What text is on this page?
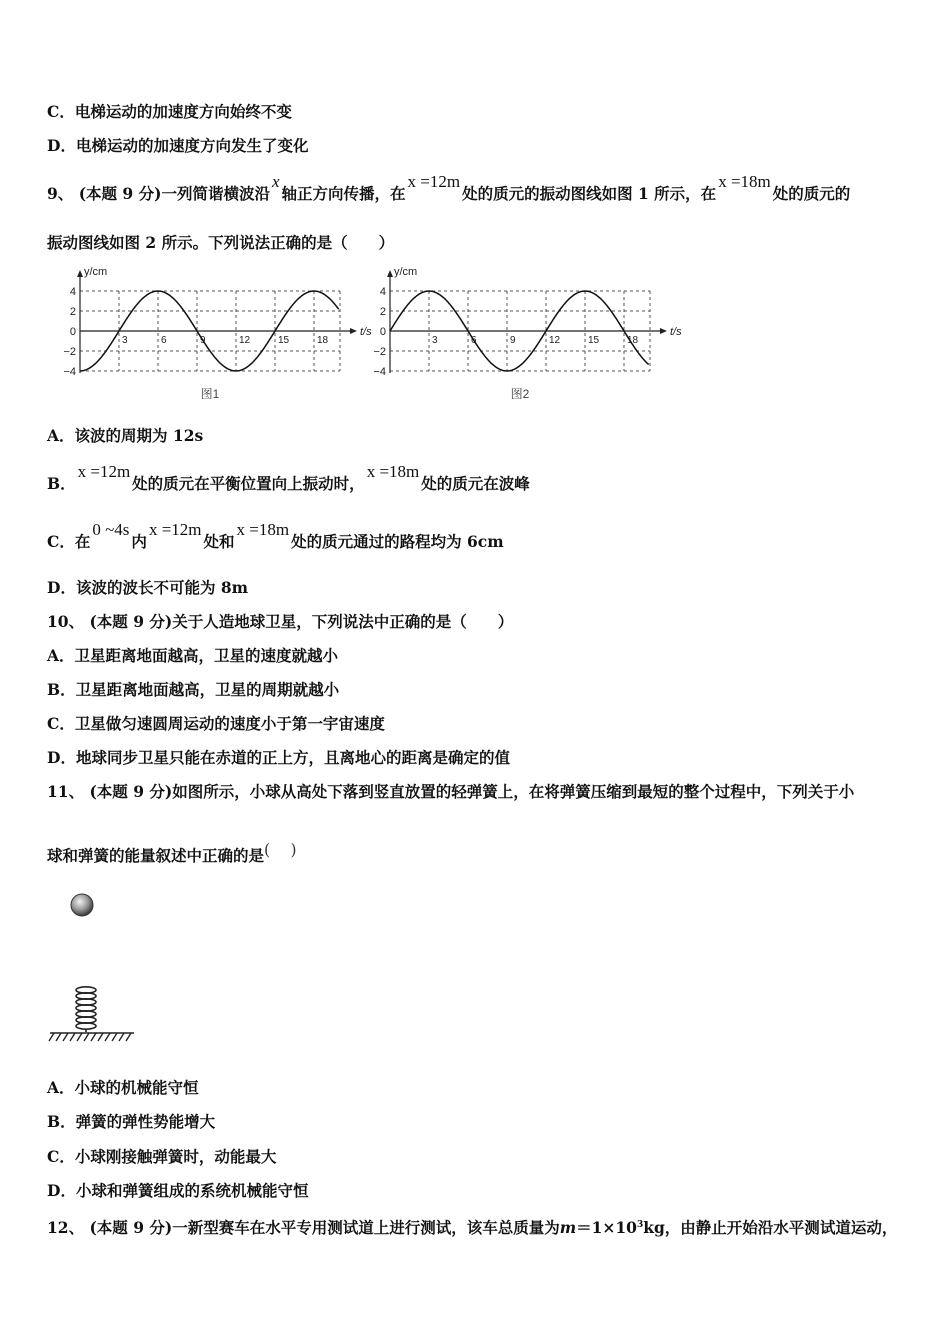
C．电梯运动的加速度方向始终不变
D．电梯运动的加速度方向发生了变化
9、 (本题 9 分)一列简谐横波沿x轴正方向传播，在x =12m处的质元的振动图线如图 1 所示，在x =18m处的质元的
振动图线如图 2 所示。下列说法正确的是（　　）
y/cm
t/s
4
2
0
−2
−4
3	6	9	12	15	18
图1
y/cm
t/s
4
2
0
−2
−4
3	6	9	12	15	18
图2
A．该波的周期为 12s
B．x =12m处的质元在平衡位置向上振动时，x =18m处的质元在波峰
C．在0 ~4s内x =12m处和x =18m处的质元通过的路程均为 6cm
D．该波的波长不可能为 8m
10、 (本题 9 分)关于人造地球卫星，下列说法中正确的是（　　）
A．卫星距离地面越高，卫星的速度就越小
B．卫星距离地面越高，卫星的周期就越小
C．卫星做匀速圆周运动的速度小于第一宇宙速度
D．地球同步卫星只能在赤道的正上方，且离地心的距离是确定的值
11、 (本题 9 分)如图所示，小球从高处下落到竖直放置的轻弹簧上，在将弹簧压缩到最短的整个过程中，下列关于小
球和弹簧的能量叙述中正确的是(　 )
A．小球的机械能守恒
B．弹簧的弹性势能增大
C．小球刚接触弹簧时，动能最大
D．小球和弹簧组成的系统机械能守恒
12、 (本题 9 分)一新型赛车在水平专用测试道上进行测试，该车总质量为$m=1\times 10^3kg$，由静止开始沿水平测试道运动，
